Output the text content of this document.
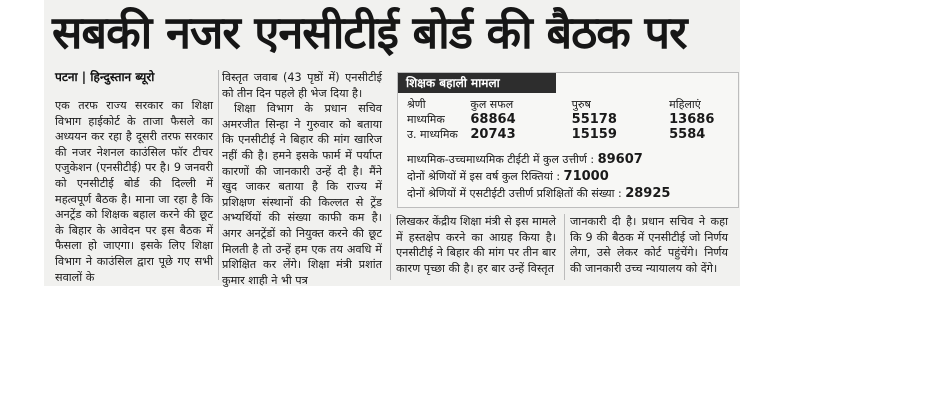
सबकी नजर एनसीटीई बोर्ड की बैठक पर
पटना | हिन्दुस्तान ब्यूरो

एक तरफ राज्य सरकार का शिक्षा विभाग हाईकोर्ट के ताजा फैसले का अध्ययन कर रहा है दूसरी तरफ सरकार की नजर नेशनल काउंसिल फॉर टीचर एजुकेशन (एनसीटीई) पर है। 9 जनवरी को एनसीटीई बोर्ड की दिल्ली में महत्वपूर्ण बैठक है। माना जा रहा है कि अनट्रेंड को शिक्षक बहाल करने की छूट के बिहार के आवेदन पर इस बैठक में फैसला हो जाएगा। इसके लिए शिक्षा विभाग ने काउंसिल द्वारा पूछे गए सभी सवालों के

विस्तृत जवाब (43 पृष्ठों में) एनसीटीई को तीन दिन पहले ही भेज दिया है।

शिक्षा विभाग के प्रधान सचिव अमरजीत सिन्हा ने गुरुवार को बताया कि एनसीटीई ने बिहार की मांग खारिज नहीं की है। हमने इसके फार्म में पर्याप्त कारणों की जानकारी उन्हें दी है। मैंने खुद जाकर बताया है कि राज्य में प्रशिक्षण संस्थानों की किल्लत से ट्रेंड अभ्यर्थियों की संख्या काफी कम है। अगर अनट्रेंडों को नियुक्त करने की छूट मिलती है तो उन्हें हम एक तय अवधि में प्रशिक्षित कर लेंगे। शिक्षा मंत्री प्रशांत कुमार शाही ने भी पत्र

शिक्षक बहाली मामला
श्रेणी	कुल सफल	पुरुष	महिलाएं
माध्यमिक	68864	55178	13686
उ. माध्यमिक	20743	15159	5584
माध्यमिक-उच्चमाध्यमिक टीईटी में कुल उत्तीर्ण : 89607
दोनों श्रेणियों में इस वर्ष कुल रिक्तियां : 71000
दोनों श्रेणियों में एसटीईटी उत्तीर्ण प्रशिक्षितों की संख्या : 28925

लिखकर केंद्रीय शिक्षा मंत्री से इस मामले में हस्तक्षेप करने का आग्रह किया है। एनसीटीई ने बिहार की मांग पर तीन बार कारण पृच्छा की है। हर बार उन्हें विस्तृत

जानकारी दी है। प्रधान सचिव ने कहा कि 9 की बैठक में एनसीटीई जो निर्णय लेगा, उसे लेकर कोर्ट पहुंचेंगे। निर्णय की जानकारी उच्च न्यायालय को देंगे।
